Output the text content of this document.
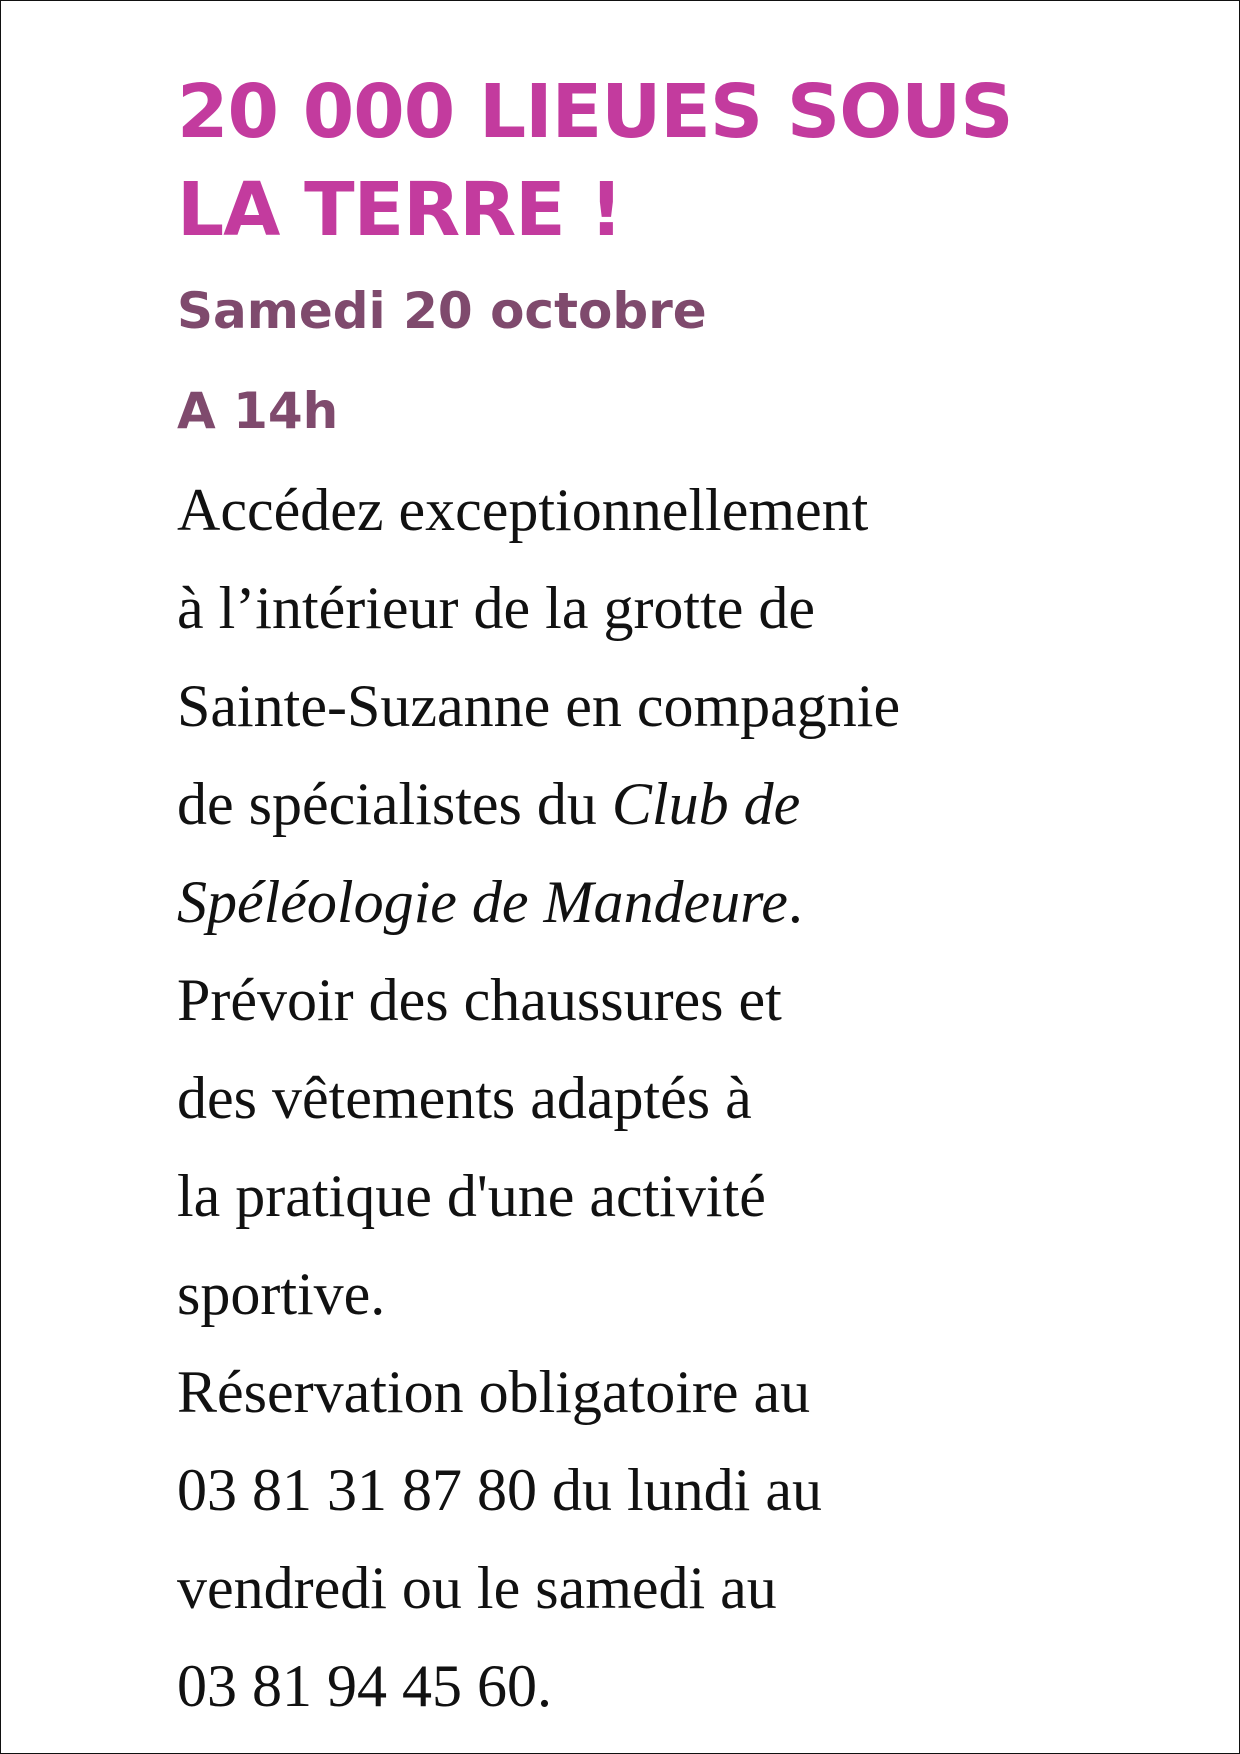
20 000 LIEUES SOUS
LA TERRE !
Samedi 20 octobre
A 14h
Accédez exceptionnellement
à l’intérieur de la grotte de
Sainte-Suzanne en compagnie
de spécialistes du Club de
Spéléologie de Mandeure.
Prévoir des chaussures et
des vêtements adaptés à
la pratique d'une activité
sportive.
Réservation obligatoire au
03 81 31 87 80 du lundi au
vendredi ou le samedi au
03 81 94 45 60.
